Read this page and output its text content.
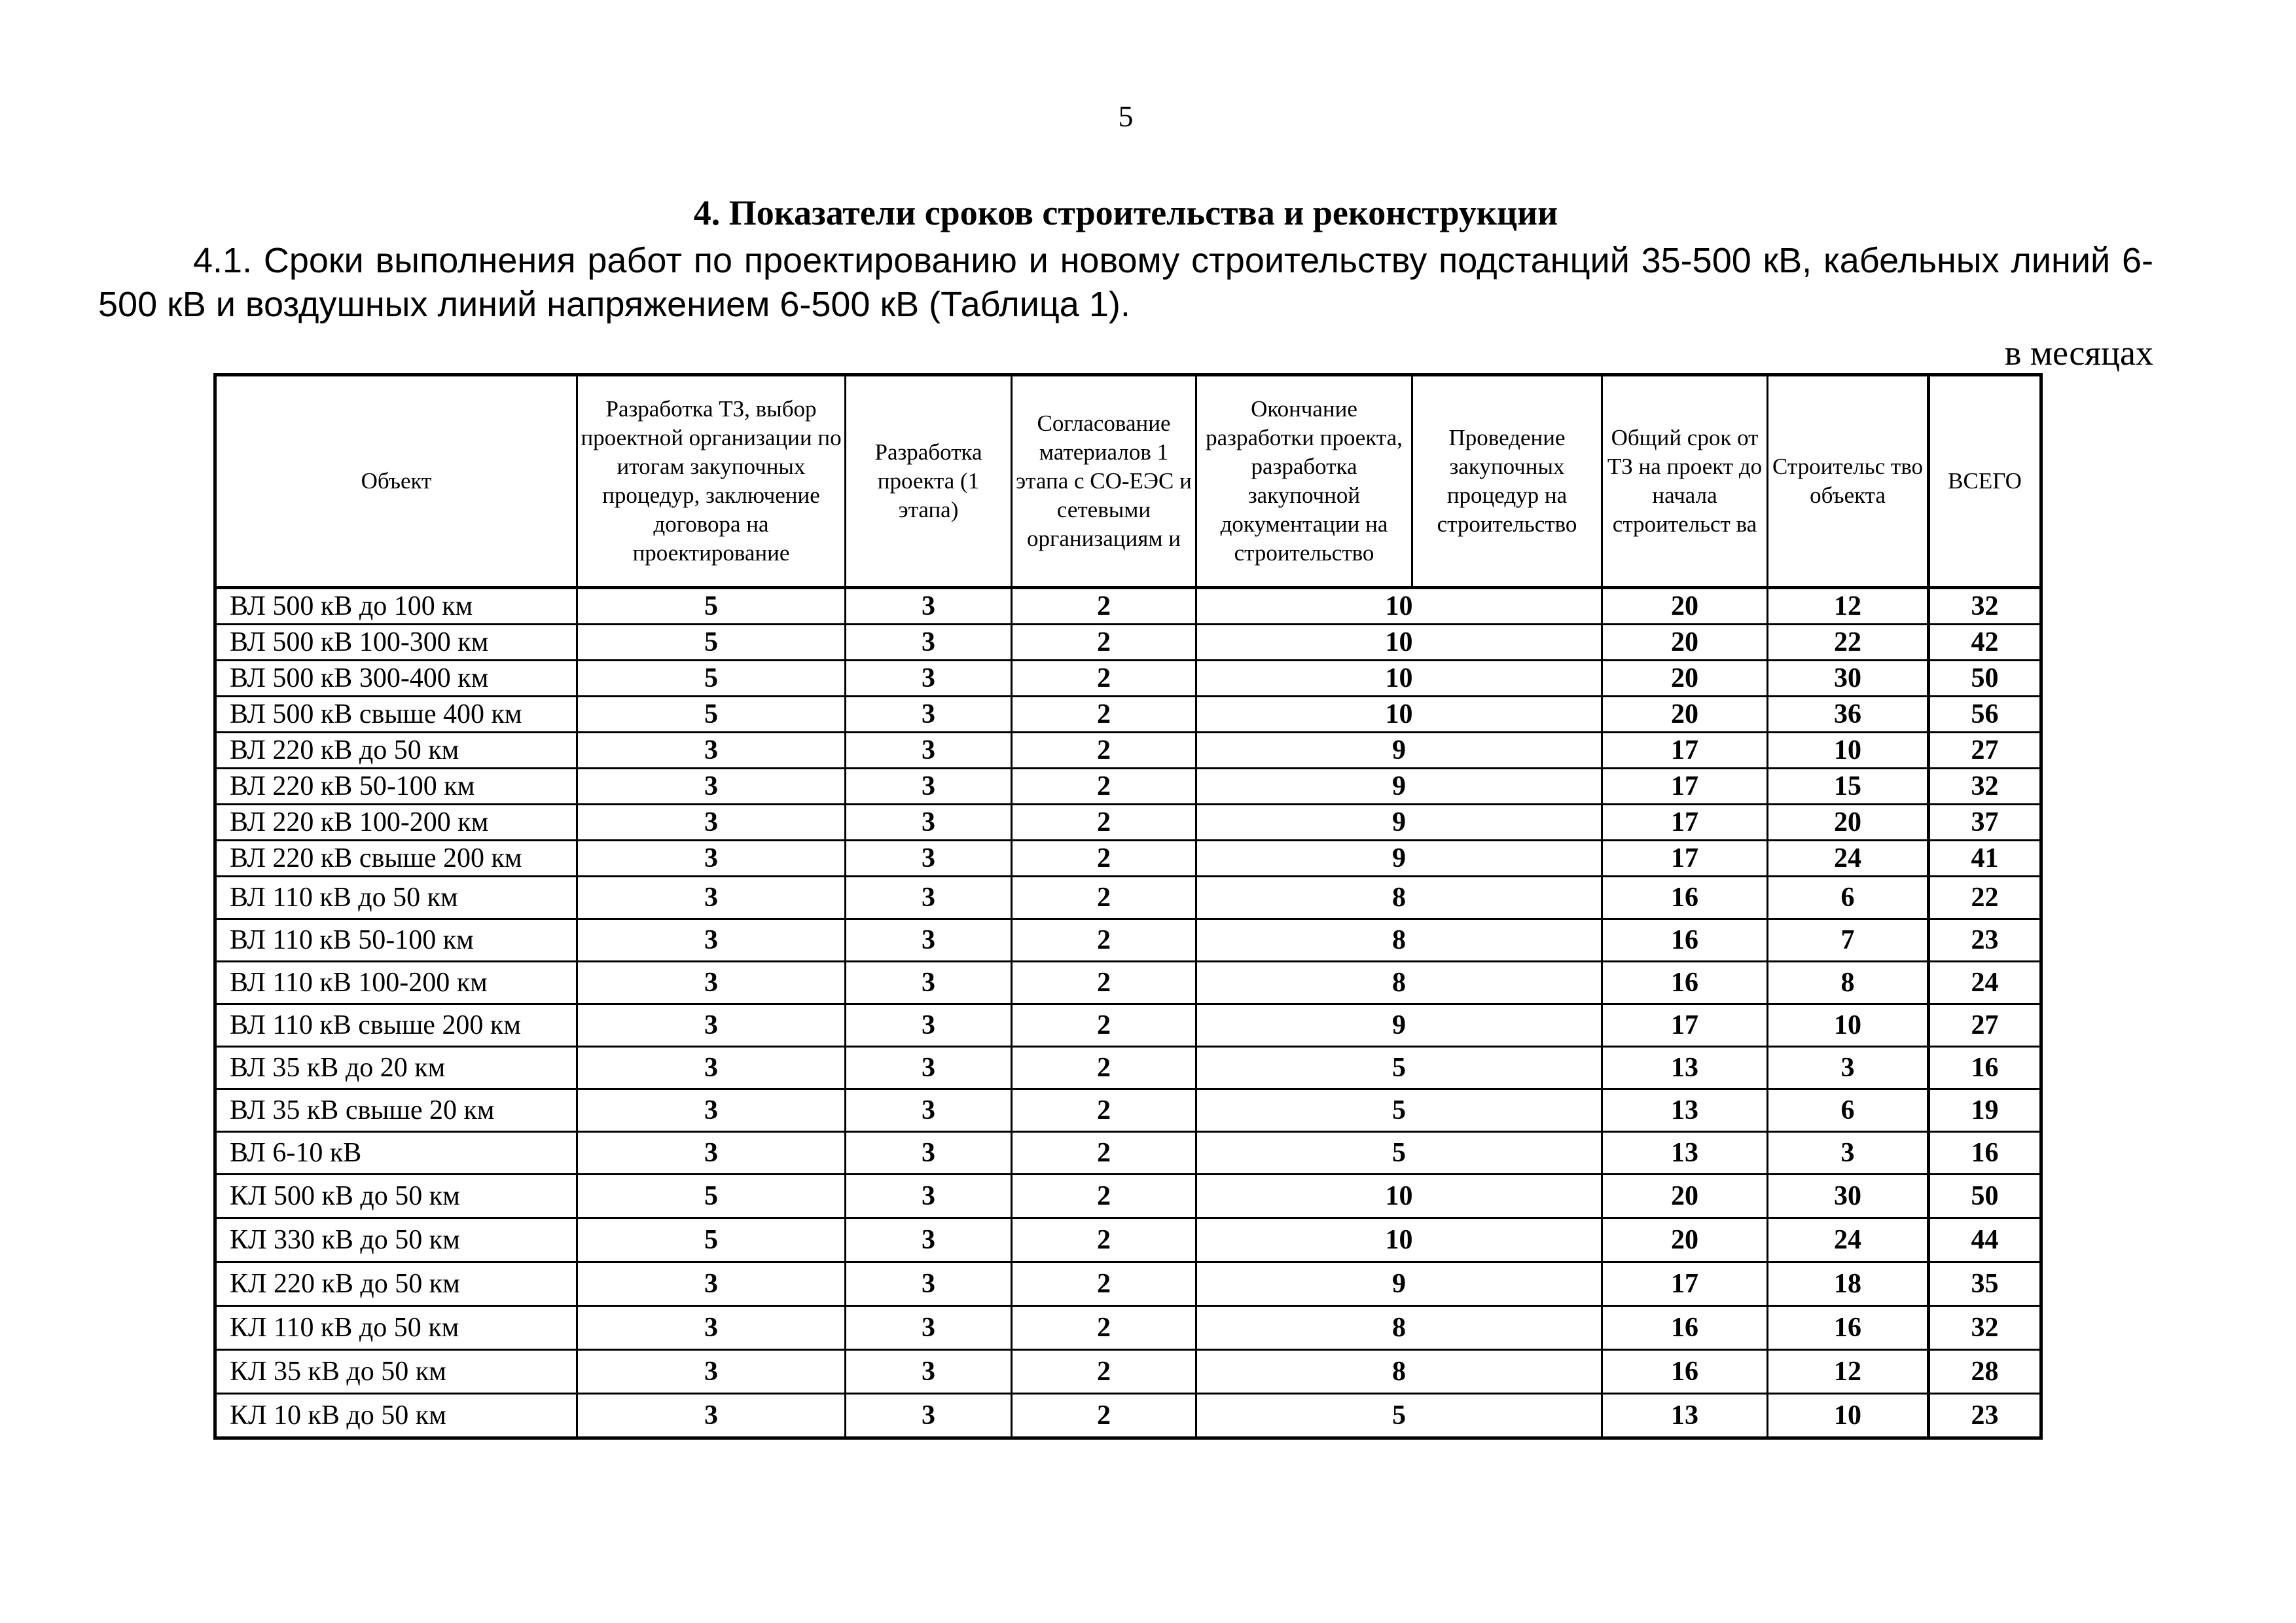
5
4. Показатели сроков строительства и реконструкции

4.1. Сроки выполнения работ по проектированию и новому строительству подстанций 35-500 кВ, кабельных линий 6-500 кВ и воздушных линий напряжением 6-500 кВ (Таблица 1).

в месяцах
Объект	Разработка ТЗ, выбор проектной организации по итогам закупочных процедур, заключение договора на проектирование	Разработка проекта (1 этапа)	Согласование материалов 1 этапа с СО-ЕЭС и сетевыми организациям и	Окончание разработки проекта, разработка закупочной документации на строительство	Проведение закупочных процедур на строительство	Общий срок от ТЗ на проект до начала строительст ва	Строительс тво объекта	ВСЕГО
ВЛ 500 кВ до 100 км	5	3	2	10		20	12	32
ВЛ 500 кВ 100-300 км	5	3	2	10		20	22	42
ВЛ 500 кВ 300-400 км	5	3	2	10		20	30	50
ВЛ 500 кВ свыше 400 км	5	3	2	10		20	36	56
ВЛ 220 кВ до 50 км	3	3	2	9		17	10	27
ВЛ 220 кВ 50-100 км	3	3	2	9		17	15	32
ВЛ 220 кВ 100-200 км	3	3	2	9		17	20	37
ВЛ 220 кВ свыше 200 км	3	3	2	9		17	24	41
ВЛ 110 кВ до 50 км	3	3	2	8		16	6	22
ВЛ 110 кВ 50-100 км	3	3	2	8		16	7	23
ВЛ 110 кВ 100-200 км	3	3	2	8		16	8	24
ВЛ 110 кВ свыше 200 км	3	3	2	9		17	10	27
ВЛ 35 кВ до 20 км	3	3	2	5		13	3	16
ВЛ 35 кВ свыше 20 км	3	3	2	5		13	6	19
ВЛ 6-10 кВ	3	3	2	5		13	3	16
КЛ 500 кВ до 50 км	5	3	2	10		20	30	50
КЛ 330 кВ до 50 км	5	3	2	10		20	24	44
КЛ 220 кВ до 50 км	3	3	2	9		17	18	35
КЛ 110 кВ до 50 км	3	3	2	8		16	16	32
КЛ 35 кВ до 50 км	3	3	2	8		16	12	28
КЛ 10 кВ до 50 км	3	3	2	5		13	10	23
